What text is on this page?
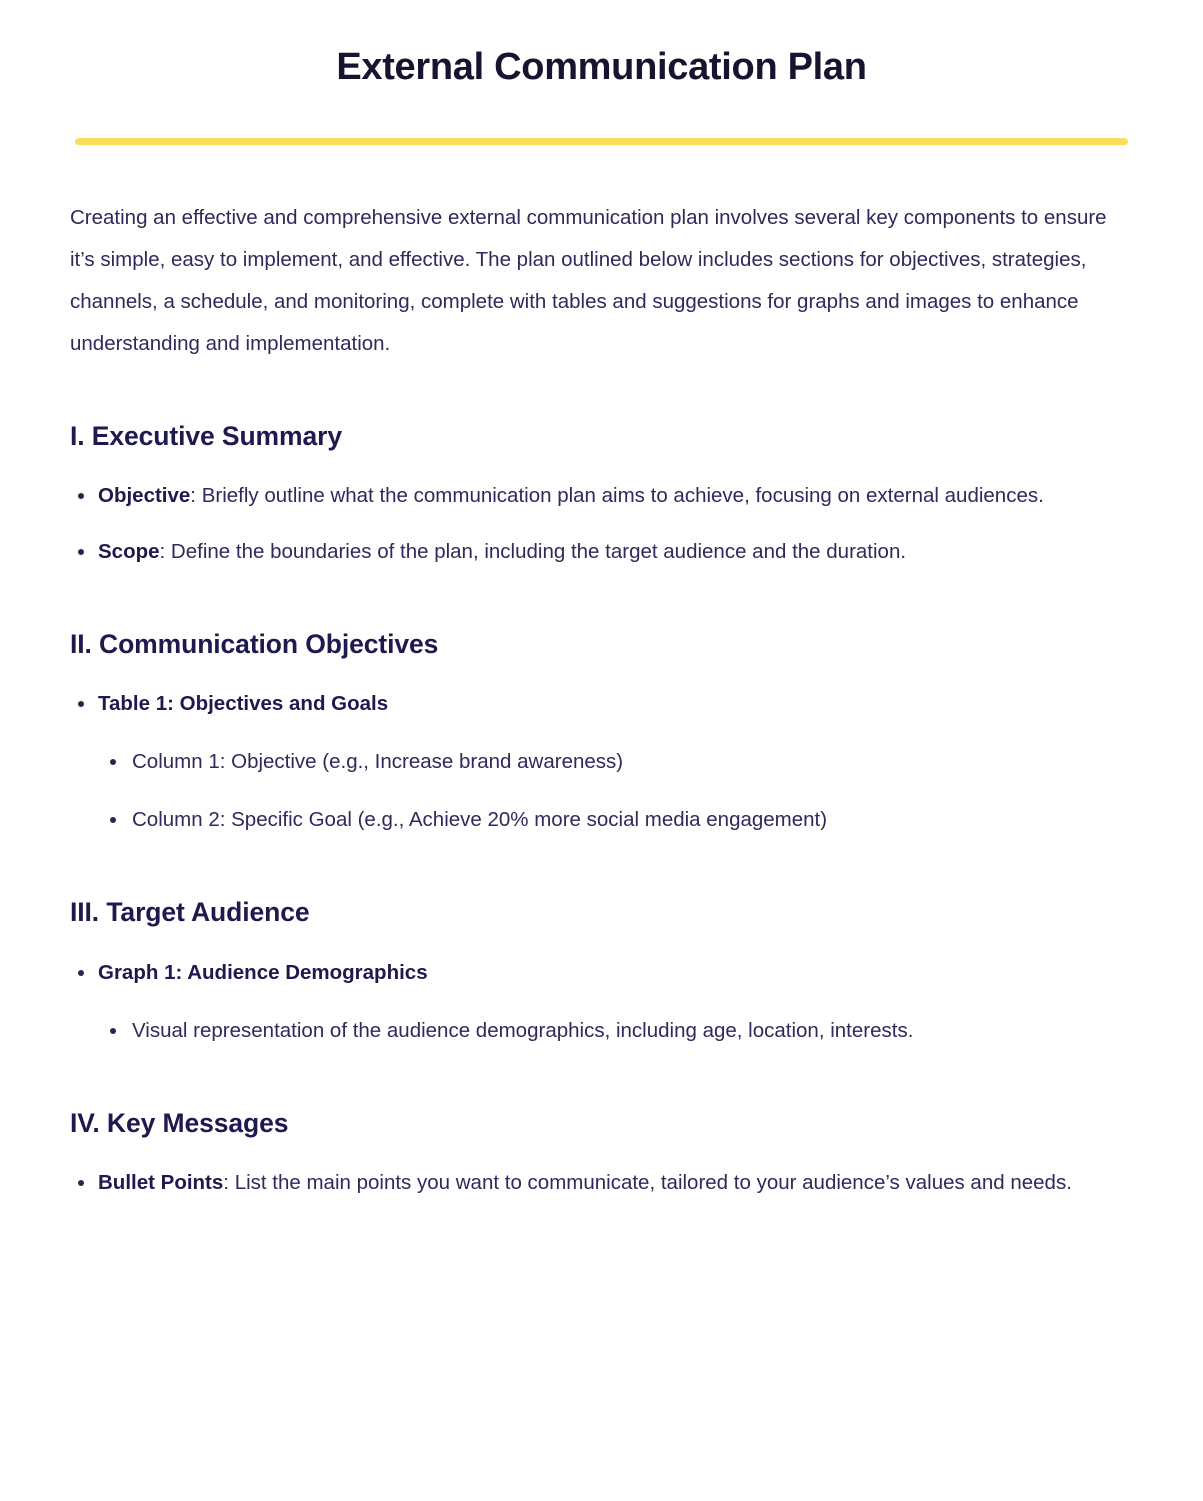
External Communication Plan

Creating an effective and comprehensive external communication plan involves several key components to ensure it’s simple, easy to implement, and effective. The plan outlined below includes sections for objectives, strategies, channels, a schedule, and monitoring, complete with tables and suggestions for graphs and images to enhance understanding and implementation.

I. Executive Summary
Objective: Briefly outline what the communication plan aims to achieve, focusing on external audiences.
Scope: Define the boundaries of the plan, including the target audience and the duration.
II. Communication Objectives
Table 1: Objectives and Goals
Column 1: Objective (e.g., Increase brand awareness)
Column 2: Specific Goal (e.g., Achieve 20% more social media engagement)
III. Target Audience
Graph 1: Audience Demographics
Visual representation of the audience demographics, including age, location, interests.
IV. Key Messages
Bullet Points: List the main points you want to communicate, tailored to your audience’s values and needs.
